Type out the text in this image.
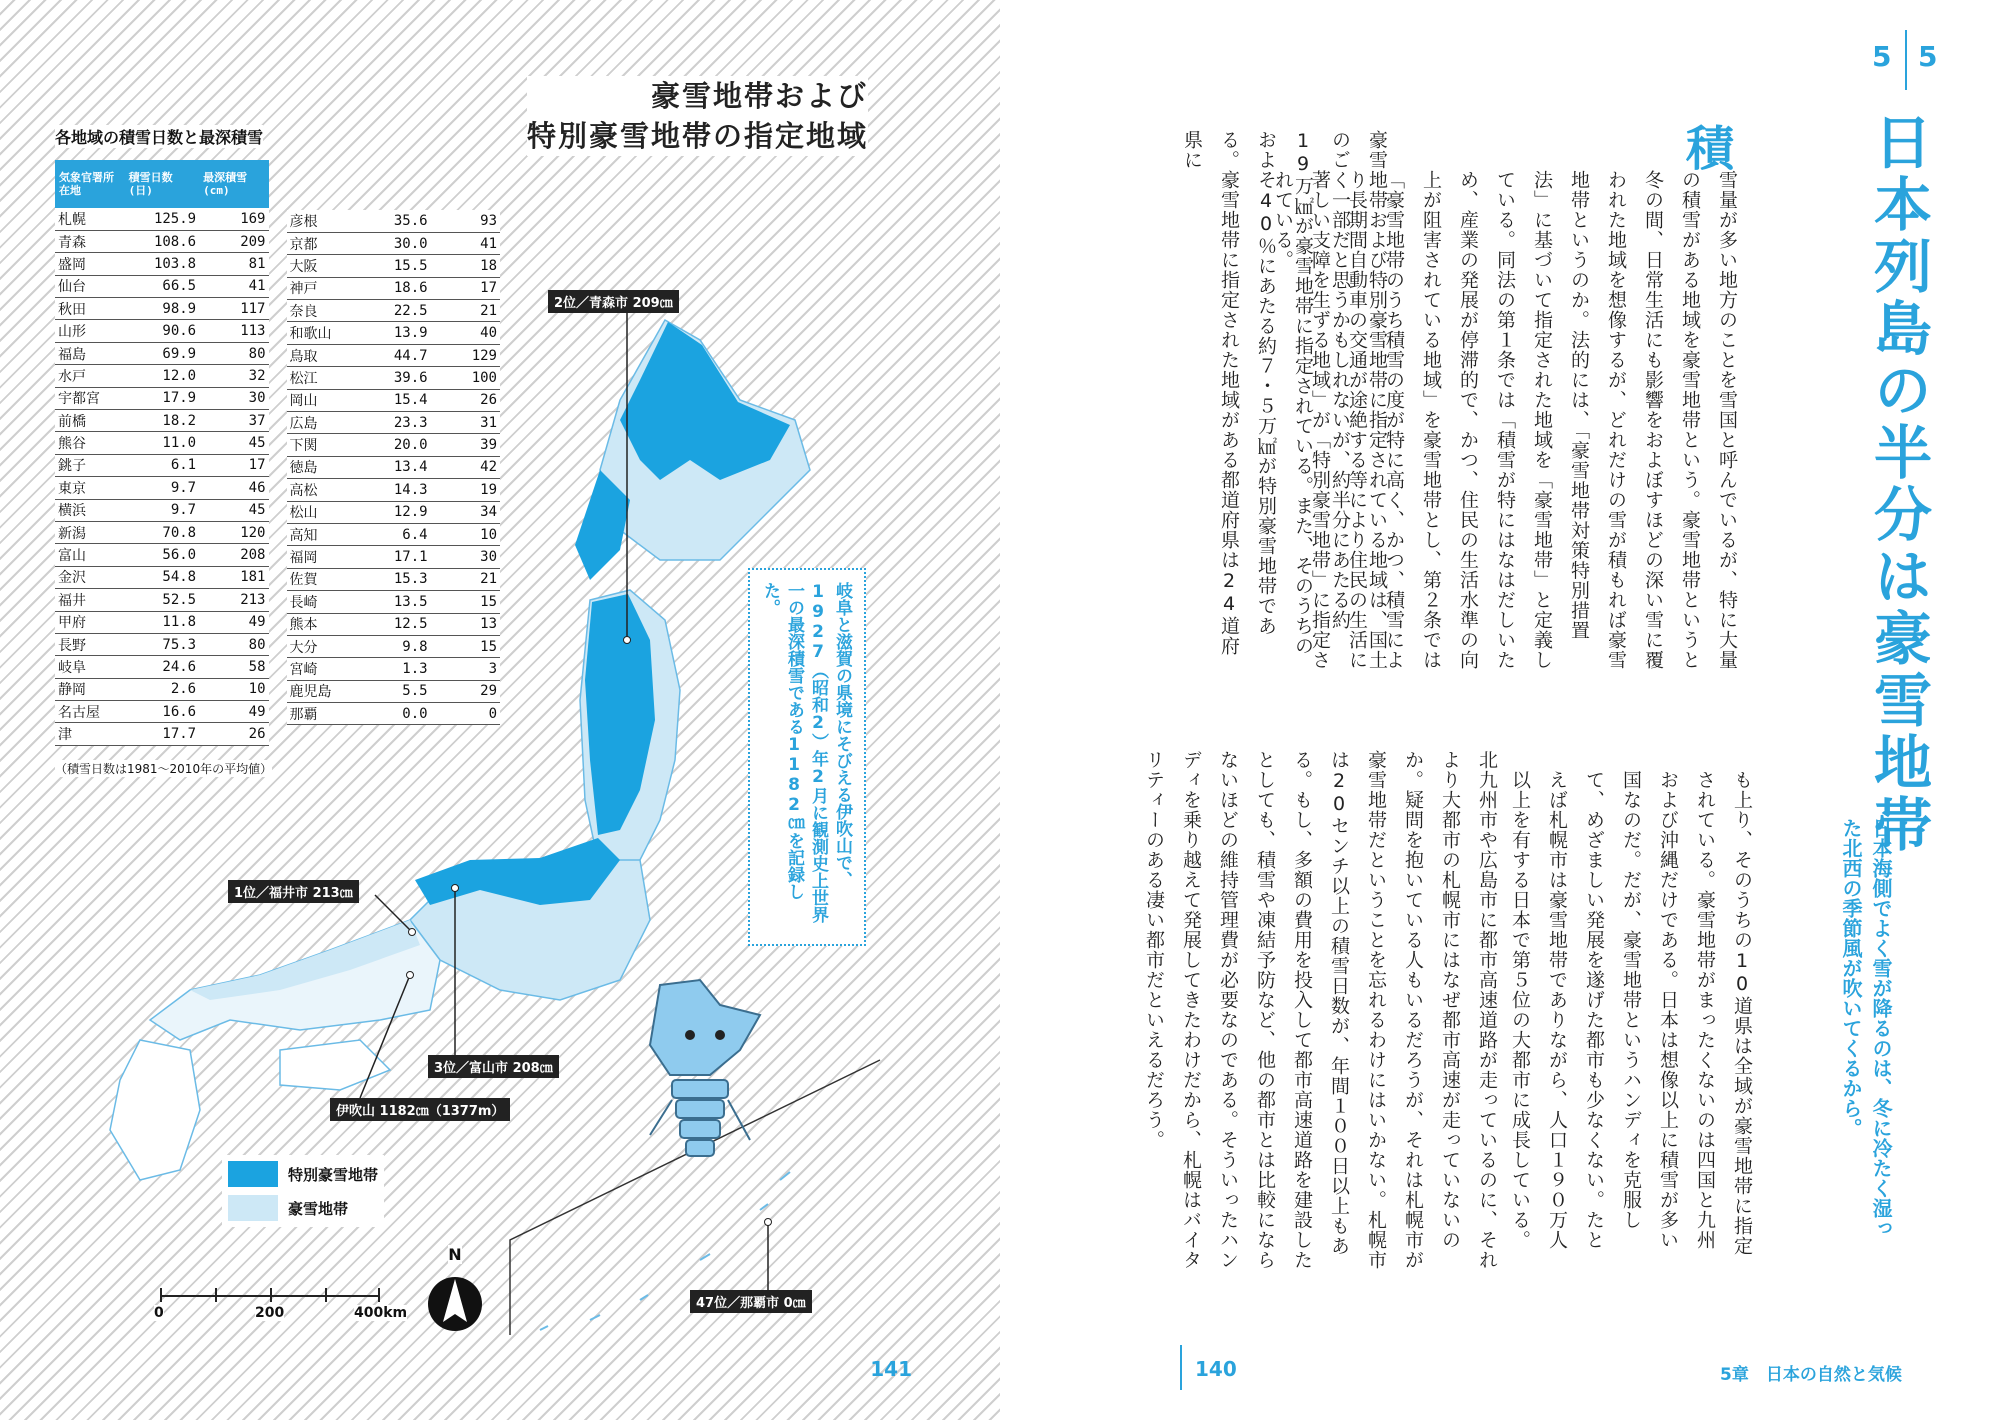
豪雪地帯および
特別豪雪地帯の指定地域
各地域の積雪日数と最深積雪
気象官署所在地	積雪日数(日)	最深積雪(cm)
札幌	125.9	169
青森	108.6	209
盛岡	103.8	81
仙台	66.5	41
秋田	98.9	117
山形	90.6	113
福島	69.9	80
水戸	12.0	32
宇都宮	17.9	30
前橋	18.2	37
熊谷	11.0	45
銚子	6.1	17
東京	9.7	46
横浜	9.7	45
新潟	70.8	120
富山	56.0	208
金沢	54.8	181
福井	52.5	213
甲府	11.8	49
長野	75.3	80
岐阜	24.6	58
静岡	2.6	10
名古屋	16.6	49
津	17.7	26
彦根	35.6	93
京都	30.0	41
大阪	15.5	18
神戸	18.6	17
奈良	22.5	21
和歌山	13.9	40
鳥取	44.7	129
松江	39.6	100
岡山	15.4	26
広島	23.3	31
下関	20.0	39
徳島	13.4	42
高松	14.3	19
松山	12.9	34
高知	6.4	10
福岡	17.1	30
佐賀	15.3	21
長崎	13.5	15
熊本	12.5	13
大分	9.8	15
宮崎	1.3	3
鹿児島	5.5	29
那覇	0.0	0
（積雪日数は1981～2010年の平均値）
2位／青森市 209㎝
1位／福井市 213㎝
3位／富山市 208㎝
伊吹山 1182㎝（1377m）
47位／那覇市 0㎝
岐阜と滋賀の県境にそびえる伊吹山で、1927（昭和2）年2月に観測史上世界一の最深積雪である1182㎝を記録した。
特別豪雪地帯
豪雪地帯
0	200	400km
N
141
5 5
日本列島の半分は豪雪地帯
日本海側でよく雪が降るのは、冬に冷たく湿った北西の季節風が吹いてくるから。
積
雪量が多い地方のことを雪国と呼んでいるが、特に大量の積雪がある地域を豪雪地帯という。豪雪地帯というと冬の間、日常生活にも影響をおよぼすほどの深い雪に覆われた地域を想像するが、どれだけの雪が積もれば豪雪地帯というのか。法的には、「豪雪地帯対策特別措置法」に基づいて指定された地域を「豪雪地帯」と定義している。同法の第１条では「積雪が特にはなはだしいため、産業の発展が停滞的で、かつ、住民の生活水準の向上が阻害されている地域」を豪雪地帯とし、第２条では「豪雪地帯のうち積雪の度が特に高く、かつ、積雪により長期間自動車の交通が途絶する等により住民の生活に著しい支障を生ずる地域」が「特別豪雪地帯」に指定されている。	豪雪地帯および特別豪雪地帯に指定されている地域は、国土のごく一部だと思うかもしれないが、約半分にあたる約19万㎢が豪雪地帯に指定されている。また、そのうちのおよそ40％にあたる約７・５万㎢が特別豪雪地帯である。豪雪地帯に指定された地域がある都道府県は24道府県に
も上り、そのうちの10道県は全域が豪雪地帯に指定されている。豪雪地帯がまったくないのは四国と九州および沖縄だけである。日本は想像以上に積雪が多い国なのだ。だが、豪雪地帯というハンディを克服して、めざましい発展を遂げた都市も少なくない。たとえば札幌市は豪雪地帯でありながら、人口１９０万人以上を有する日本で第５位の大都市に成長している。
北九州市や広島市に都市高速道路が走っているのに、それより大都市の札幌市にはなぜ都市高速が走っていないのか。疑問を抱いている人もいるだろうが、それは札幌市が豪雪地帯だということを忘れるわけにはいかない。札幌市は20センチ以上の積雪日数が、年間１００日以上もある。もし、多額の費用を投入して都市高速道路を建設したとしても、積雪や凍結予防など、他の都市とは比較にならないほどの維持管理費が必要なのである。そういったハンディを乗り越えて発展してきたわけだから、札幌はバイタリティーのある凄い都市だといえるだろう。
140	5章　日本の自然と気候
